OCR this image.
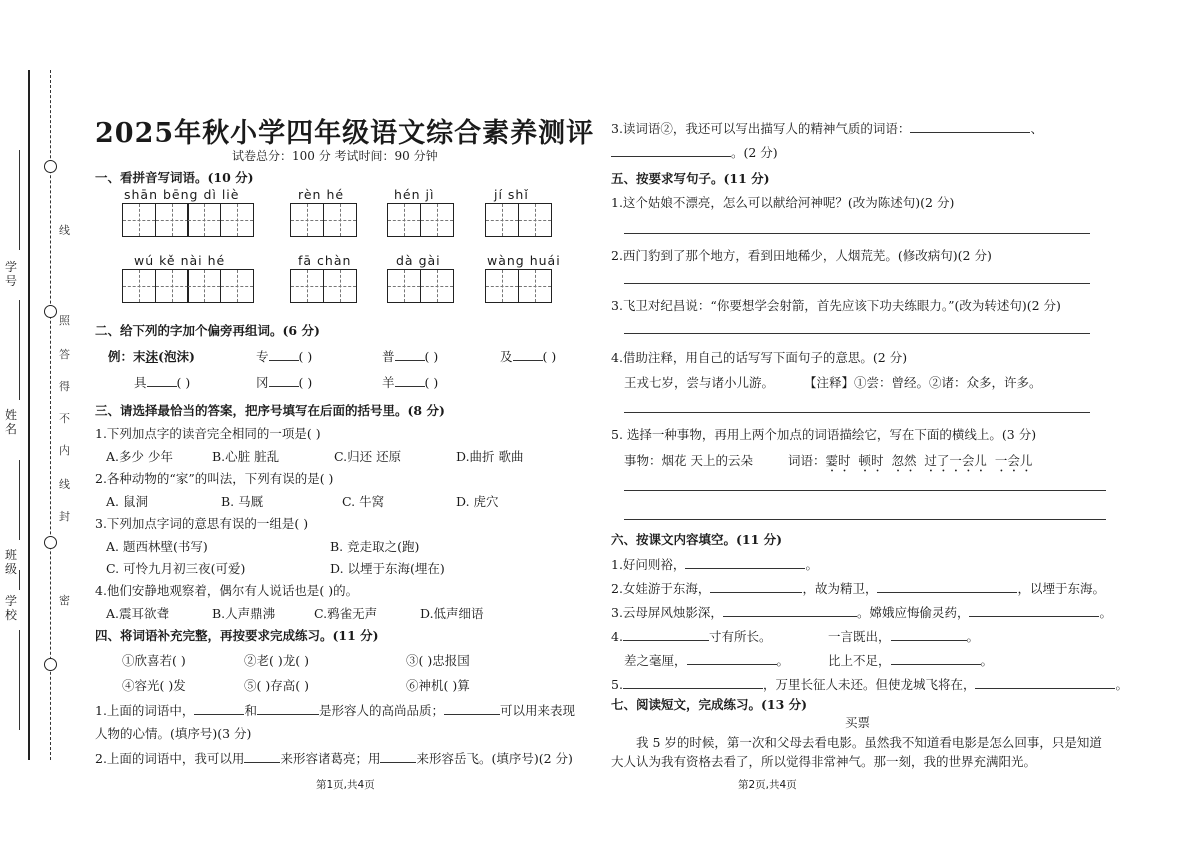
学号
姓名
班级
学校
线
照
答
得
不
内
线
封
密
2025年秋小学四年级语文综合素养测评
试卷总分：100 分 考试时间：90 分钟
一、看拼音写词语。(10 分)
shān bēng dì liè	rèn hé	hén jì	jí shǐ
wú kě nài hé	fā chàn	dà gài	wàng huái
二、给下列的字加个偏旁再组词。(6 分)
例：末沫(泡沫)	专 ( )	普 ( )	及 ( )
具 ( )	冈 ( )	羊 ( )
三、请选择最恰当的答案，把序号填写在后面的括号里。(8 分)
1.下列加点字的读音完全相同的一项是( )
A.多少 少年	B.心脏 脏乱	C.归还 还原	D.曲折 歌曲
2.各种动物的“家”的叫法，下列有误的是( )
A. 鼠洞	B. 马厩	C. 牛窝	D. 虎穴
3.下列加点字词的意思有误的一组是( )
A. 题西林壁(书写)	B. 竞走取之(跑)
C. 可怜九月初三夜(可爱)	D. 以堙于东海(埋在)
4.他们安静地观察着，偶尔有人说话也是( )的。
A.震耳欲聋	B.人声鼎沸	C.鸦雀无声	D.低声细语
四、将词语补充完整，再按要求完成练习。(11 分)
①欣喜若( )	②老( )龙( )	③( )忠报国
④容光( )发	⑤( )存高( )	⑥神机( )算
1.上面的词语中，	和	是形容人的高尚品质；	可以用来表现
人物的心情。(填序号)(3 分)
2.上面的词语中，我可以用	来形容诸葛亮；用	来形容岳飞。(填序号)(2 分)
第1页,共4页
3.读词语②，我还可以写出描写人的精神气质的词语：	、
。(2 分)
五、按要求写句子。(11 分)
1.这个姑娘不漂亮，怎么可以献给河神呢？(改为陈述句)(2 分)
2.西门豹到了那个地方，看到田地稀少，人烟荒芜。(修改病句)(2 分)
3.飞卫对纪昌说：“你要想学会射箭，首先应该下功夫练眼力。”(改为转述句)(2 分)
4.借助注释，用自己的话写写下面句子的意思。(2 分)
王戎七岁，尝与诸小儿游。 【注释】①尝：曾经。②诸：众多，许多。
5. 选择一种事物，再用上两个加点的词语描绘它，写在下面的横线上。(3 分)
事物：烟花 天上的云朵	词语：霎时 顿时 忽然 过了一会儿 一会儿
六、按课文内容填空。(11 分)
1.好问则裕，	。
2.女娃游于东海，	，故为精卫，	，以堙于东海。
3.云母屏风烛影深，	。嫦娥应悔偷灵药，	。
4.	寸有所长。	一言既出，	。
差之毫厘，	。	比上不足，	。
5.	，万里长征人未还。但使龙城飞将在，	。
七、阅读短文，完成练习。(13 分)
买票
我 5 岁的时候，第一次和父母去看电影。虽然我不知道看电影是怎么回事，只是知道
大人认为我有资格去看了，所以觉得非常神气。那一刻，我的世界充满阳光。
第2页,共4页
